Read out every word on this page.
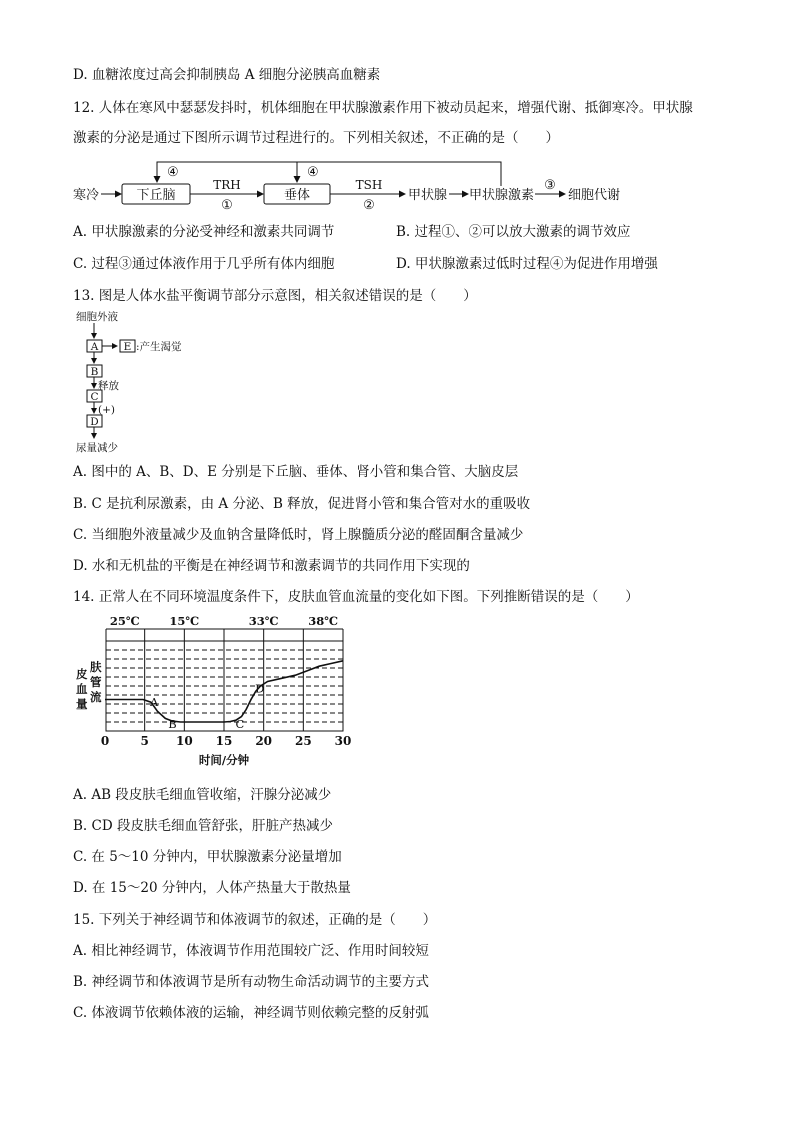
D. 血糖浓度过高会抑制胰岛 A 细胞分泌胰高血糖素
12. 人体在寒风中瑟瑟发抖时，机体细胞在甲状腺激素作用下被动员起来，增强代谢、抵御寒冷。甲状腺
激素的分泌是通过下图所示调节过程进行的。下列相关叙述，不正确的是（　　）
寒冷	下丘脑	垂体
TRH	TSH
①	②
③
④	④
甲状腺 甲状腺激素	细胞代谢
A. 甲状腺激素的分泌受神经和激素共同调节	B. 过程①、②可以放大激素的调节效应
C. 过程③通过体液作用于几乎所有体内细胞	D. 甲状腺激素过低时过程④为促进作用增强
13. 图是人体水盐平衡调节部分示意图，相关叙述错误的是（　　）
细胞外液
A E :产生渴觉
B
释放
C
(+)
D
尿量减少
A. 图中的 A、B、D、E 分别是下丘脑、垂体、肾小管和集合管、大脑皮层
B. C 是抗利尿激素，由 A 分泌、B 释放，促进肾小管和集合管对水的重吸收
C. 当细胞外液量减少及血钠含量降低时，肾上腺髓质分泌的醛固酮含量减少
D. 水和无机盐的平衡是在神经调节和激素调节的共同作用下实现的
14. 正常人在不同环境温度条件下，皮肤血管血流量的变化如下图。下列推断错误的是（　　）
25℃	15℃	33℃	38℃
0	5 10 15 20 25 30
时间/分钟
皮
血
量
肤
管
流	A
B	C
D
A. AB 段皮肤毛细血管收缩，汗腺分泌减少
B. CD 段皮肤毛细血管舒张，肝脏产热减少
C. 在 5～10 分钟内，甲状腺激素分泌量增加
D. 在 15～20 分钟内，人体产热量大于散热量
15. 下列关于神经调节和体液调节的叙述，正确的是（　　）
A. 相比神经调节，体液调节作用范围较广泛、作用时间较短
B. 神经调节和体液调节是所有动物生命活动调节的主要方式
C. 体液调节依赖体液的运输，神经调节则依赖完整的反射弧
